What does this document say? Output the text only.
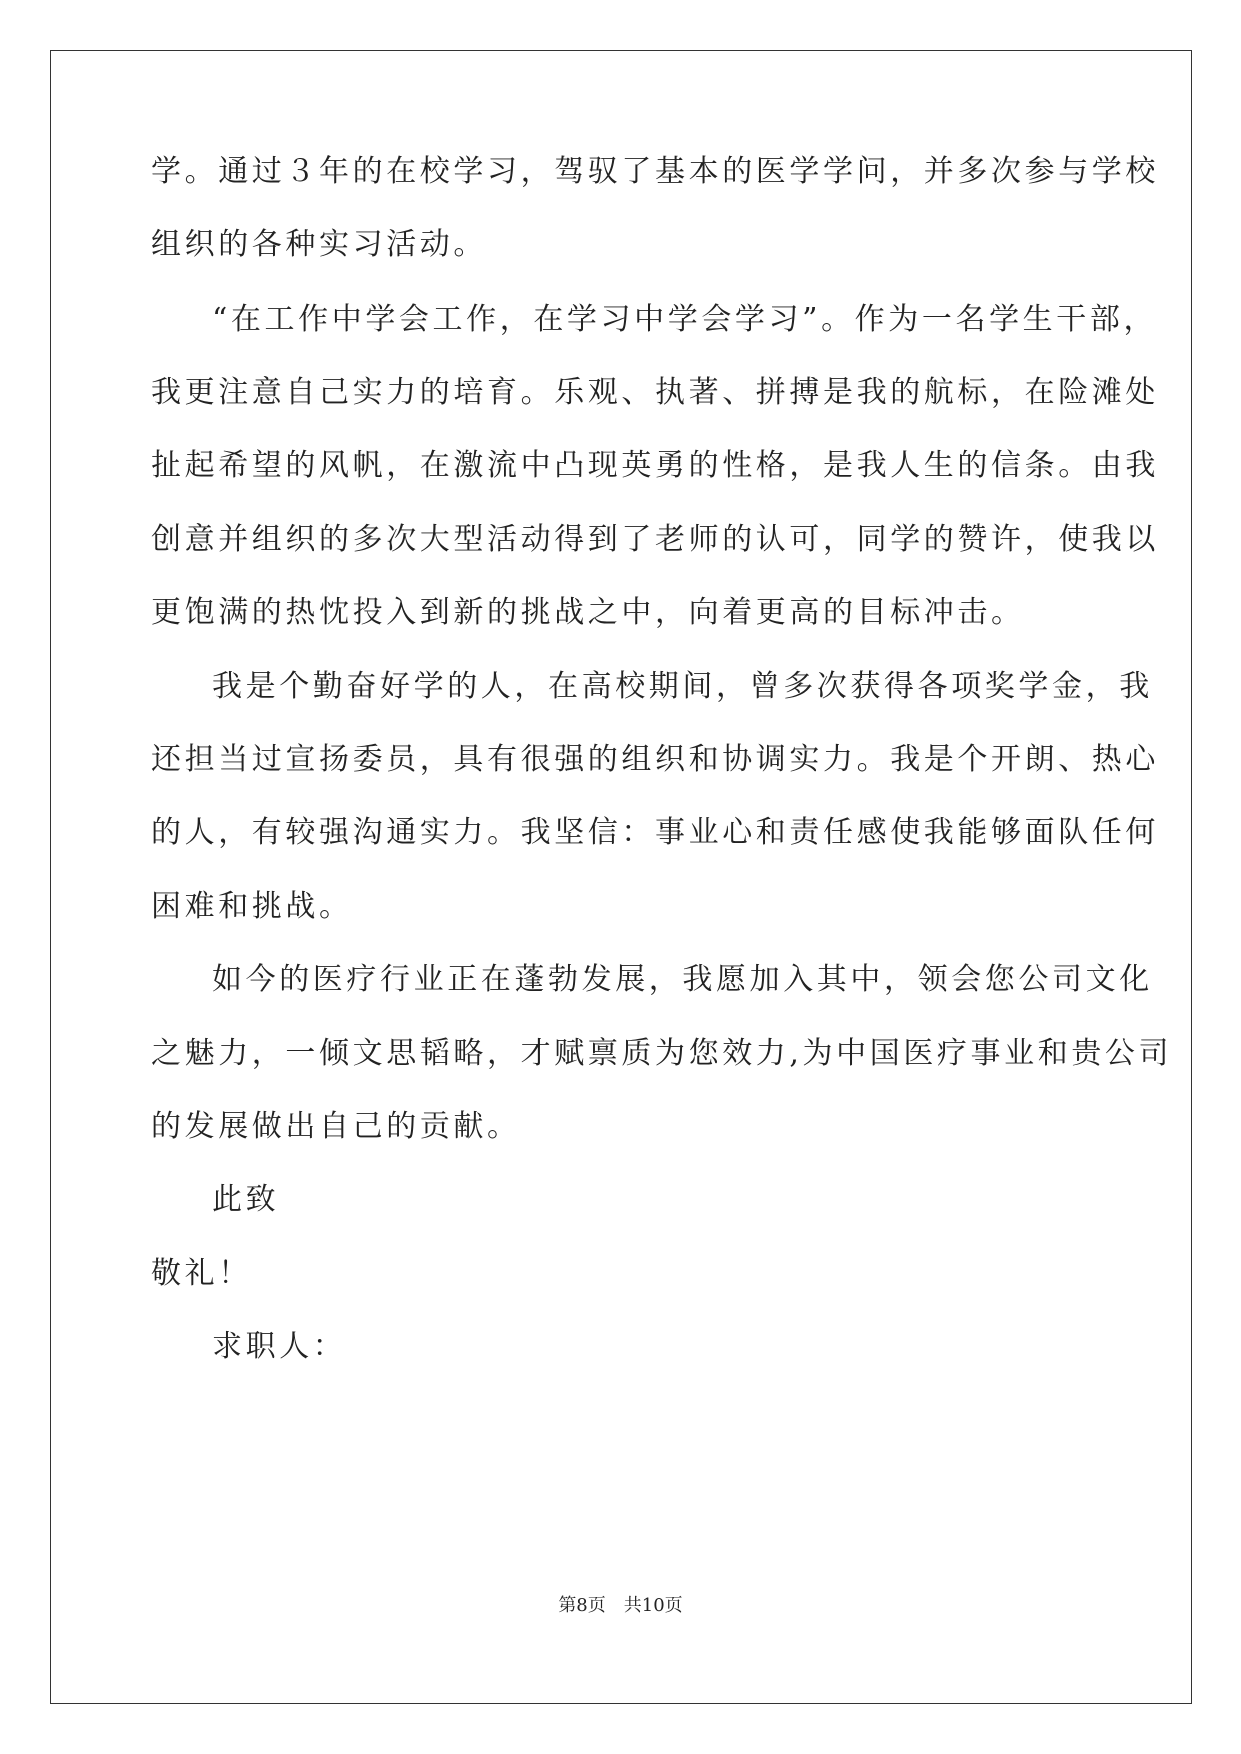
学。通过３年的在校学习，驾驭了基本的医学学问，并多次参与学校
组织的各种实习活动。
“在工作中学会工作，在学习中学会学习”。作为一名学生干部，
我更注意自己实力的培育。乐观、执著、拼搏是我的航标，在险滩处
扯起希望的风帆，在激流中凸现英勇的性格，是我人生的信条。由我
创意并组织的多次大型活动得到了老师的认可，同学的赞许，使我以
更饱满的热忱投入到新的挑战之中，向着更高的目标冲击。
我是个勤奋好学的人，在高校期间，曾多次获得各项奖学金，我
还担当过宣扬委员，具有很强的组织和协调实力。我是个开朗、热心
的人，有较强沟通实力。我坚信：事业心和责任感使我能够面队任何
困难和挑战。
如今的医疗行业正在蓬勃发展，我愿加入其中，领会您公司文化
之魅力，一倾文思韬略，才赋禀质为您效力,为中国医疗事业和贵公司
的发展做出自己的贡献。
此致
敬礼！
求职人：
第8页　共10页
